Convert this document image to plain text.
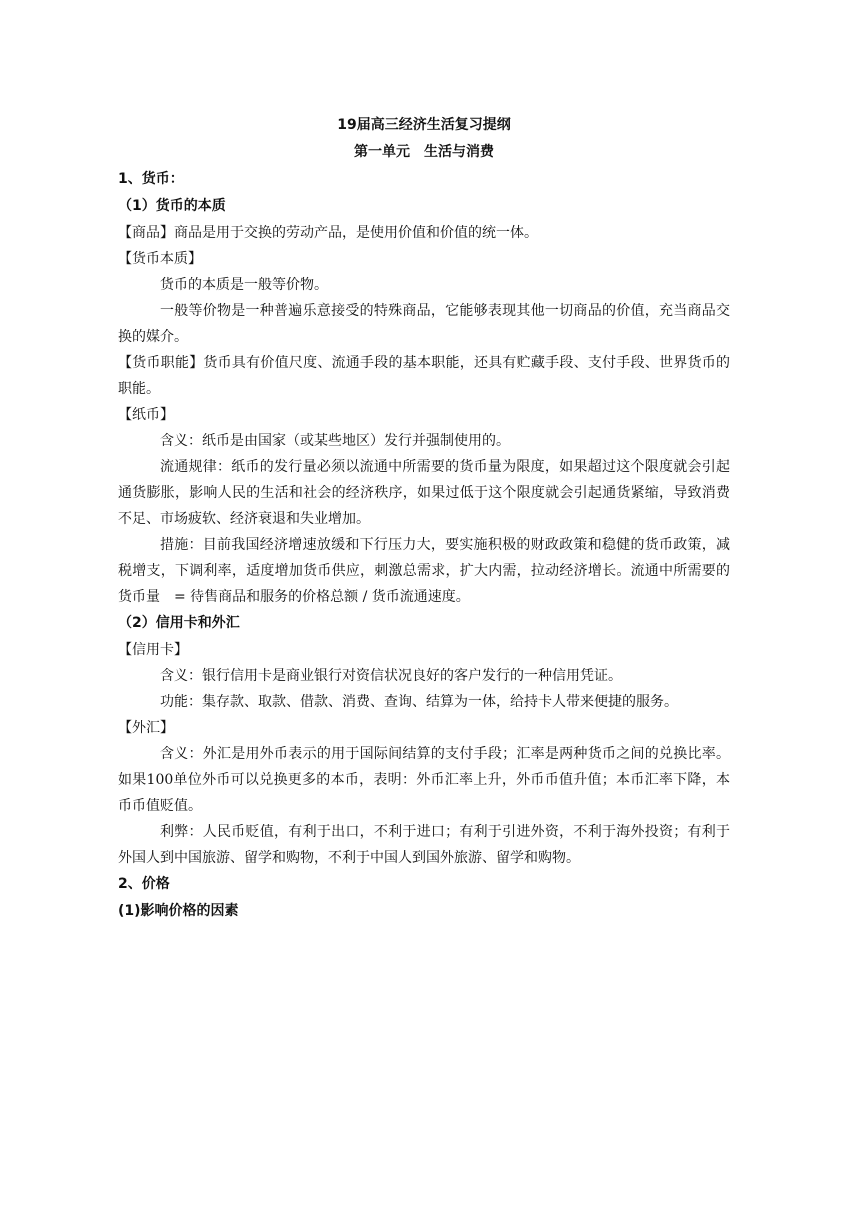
19届高三经济生活复习提纲
第一单元　生活与消费
1、货币：
（1）货币的本质

【商品】商品是用于交换的劳动产品，是使用价值和价值的统一体。

【货币本质】

货币的本质是一般等价物。

一般等价物是一种普遍乐意接受的特殊商品，它能够表现其他一切商品的价值，充当商品交换的媒介。

【货币职能】货币具有价值尺度、流通手段的基本职能，还具有贮藏手段、支付手段、世界货币的职能。

【纸币】

含义：纸币是由国家（或某些地区）发行并强制使用的。

流通规律：纸币的发行量必须以流通中所需要的货币量为限度，如果超过这个限度就会引起通货膨胀，影响人民的生活和社会的经济秩序，如果过低于这个限度就会引起通货紧缩，导致消费不足、市场疲软、经济衰退和失业增加。

措施：目前我国经济增速放缓和下行压力大，要实施积极的财政政策和稳健的货币政策，减税增支，下调利率，适度增加货币供应，刺激总需求，扩大内需，拉动经济增长。流通中所需要的货币量　= 待售商品和服务的价格总额 / 货币流通速度。

（2）信用卡和外汇

【信用卡】

含义：银行信用卡是商业银行对资信状况良好的客户发行的一种信用凭证。

功能：集存款、取款、借款、消费、查询、结算为一体，给持卡人带来便捷的服务。

【外汇】

含义：外汇是用外币表示的用于国际间结算的支付手段；汇率是两种货币之间的兑换比率。如果100单位外币可以兑换更多的本币，表明：外币汇率上升，外币币值升值；本币汇率下降，本币币值贬值。

利弊：人民币贬值，有利于出口，不利于进口；有利于引进外资，不利于海外投资；有利于外国人到中国旅游、留学和购物，不利于中国人到国外旅游、留学和购物。

2、价格
(1)影响价格的因素
